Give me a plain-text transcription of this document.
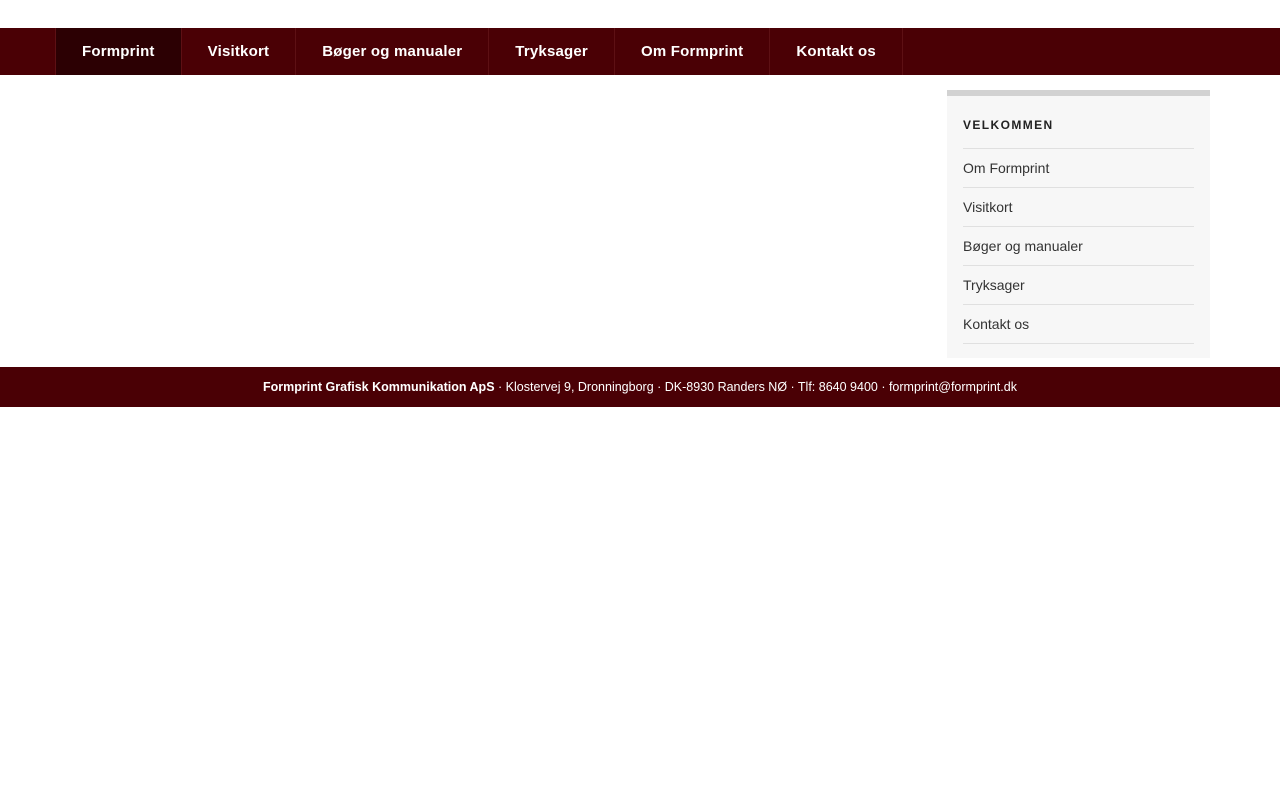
Formprint	Visitkort	Bøger og manualer	Tryksager	Om Formprint	Kontakt os
VELKOMMEN
Om Formprint
Visitkort
Bøger og manualer
Tryksager
Kontakt os
Formprint Grafisk Kommunikation ApS · Klostervej 9, Dronningborg · DK-8930 Randers NØ · Tlf: 8640 9400 · formprint@formprint.dk
